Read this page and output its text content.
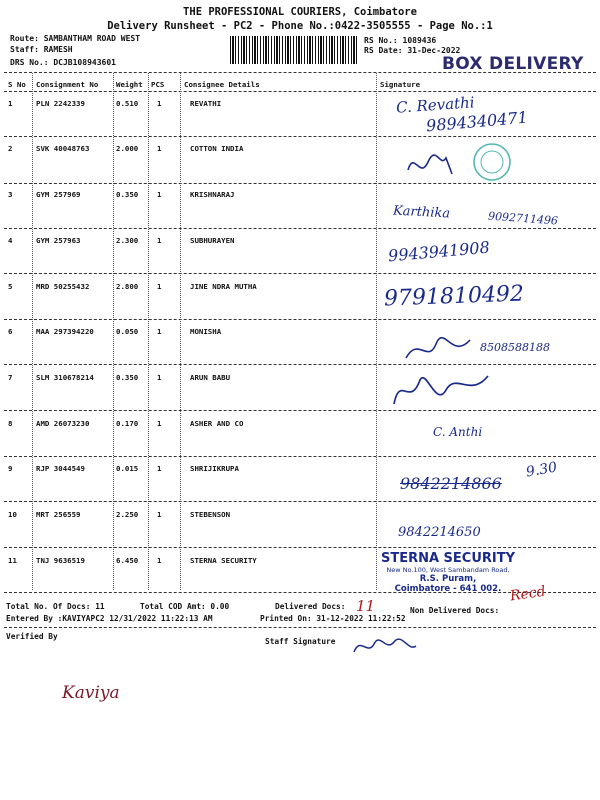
THE PROFESSIONAL COURIERS, Coimbatore
Delivery Runsheet - PC2 - Phone No.:0422-3505555 - Page No.:1
Route: SAMBANTHAM ROAD WEST
Staff: RAMESH
DRS No.: DCJB108943601
RS No.: 1089436
RS Date: 31-Dec-2022
BOX DELIVERY
S No Consignment No Weight PCS	Consignee Details	Signature
1	PLN 2242339	0.510	1	REVATHI
2	SVK 40048763	2.000	1	COTTON INDIA
3	GYM 257969	0.350	1	KRISHNARAJ
4	GYM 257963	2.300	1	SUBHURAYEN
5	MRD 50255432	2.800	1	JINE NDRA MUTHA
6	MAA 297394220	0.050	1	MONISHA
7	SLM 310678214	0.350	1	ARUN BABU
8	AMD 26073230	0.170	1	ASHER AND CO
9	RJP 3044549	0.015	1	SHRIJIKRUPA
10	MRT 256559	2.250	1	STEBENSON
11	TNJ 9636519	6.450	1	STERNA SECURITY
Total No. Of Docs: 11	Total COD Amt: 0.00	Delivered Docs:	Non Delivered Docs:
Entered By :KAVIYAPC2 12/31/2022 11:22:13 AM	Printed On: 31-12-2022 11:22:52
Verified By
Staff Signature
C. Revathi
9894340471
Karthika	9092711496
9943941908
9791810492
8508588188
C. Anthi
9842214866
9.30
9842214650
STERNA SECURITY
New No.100, West Sambandam Road,
R.S. Puram,
Coimbatore - 641 002.
11
Recd
Kaviya
